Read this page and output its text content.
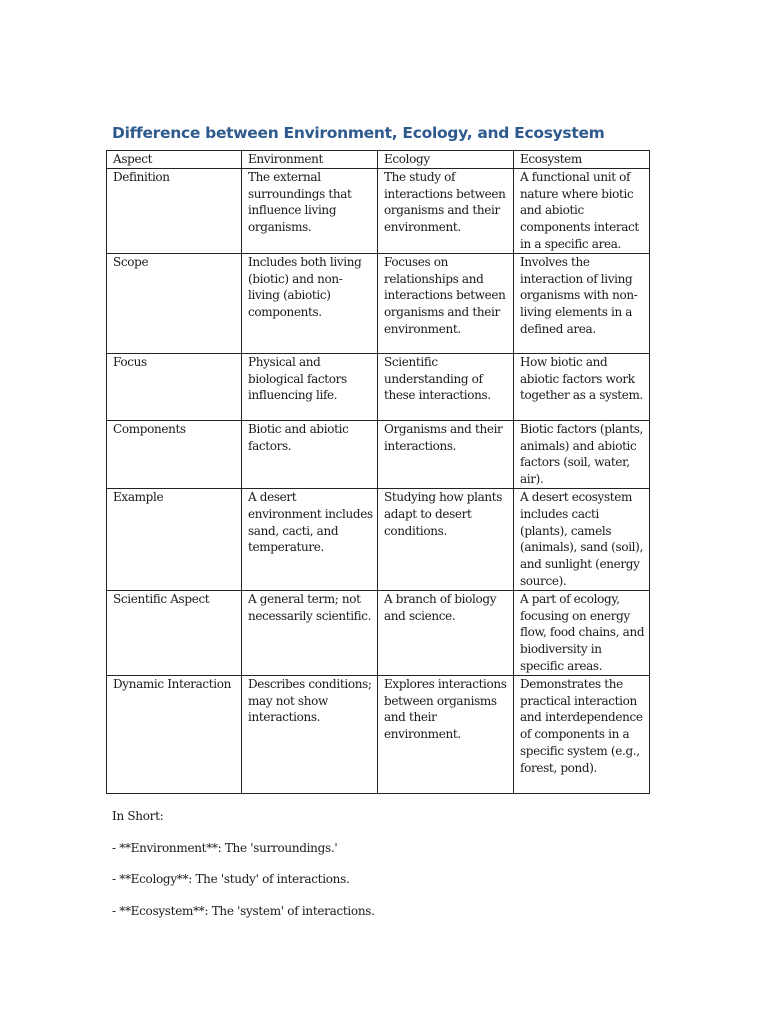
Difference between Environment, Ecology, and Ecosystem
Aspect	Environment	Ecology	Ecosystem
Definition	The external surroundings that influence living organisms.	The study of interactions between organisms and their environment.	A functional unit of nature where biotic and abiotic components interact in a specific area.
Scope	Includes both living (biotic) and non-living (abiotic) components.	Focuses on relationships and interactions between organisms and their environment.	Involves the interaction of living organisms with non-living elements in a defined area.
Focus	Physical and biological factors influencing life.	Scientific understanding of these interactions.	How biotic and abiotic factors work together as a system.
Components	Biotic and abiotic factors.	Organisms and their interactions.	Biotic factors (plants, animals) and abiotic factors (soil, water, air).
Example	A desert environment includes sand, cacti, and temperature.	Studying how plants adapt to desert conditions.	A desert ecosystem includes cacti (plants), camels (animals), sand (soil), and sunlight (energy source).
Scientific Aspect	A general term; not necessarily scientific.	A branch of biology and science.	A part of ecology, focusing on energy flow, food chains, and biodiversity in specific areas.
Dynamic Interaction	Describes conditions; may not show interactions.	Explores interactions between organisms and their environment.	Demonstrates the practical interaction and interdependence of components in a specific system (e.g., forest, pond).

In Short:

- **Environment**: The 'surroundings.'

- **Ecology**: The 'study' of interactions.

- **Ecosystem**: The 'system' of interactions.
